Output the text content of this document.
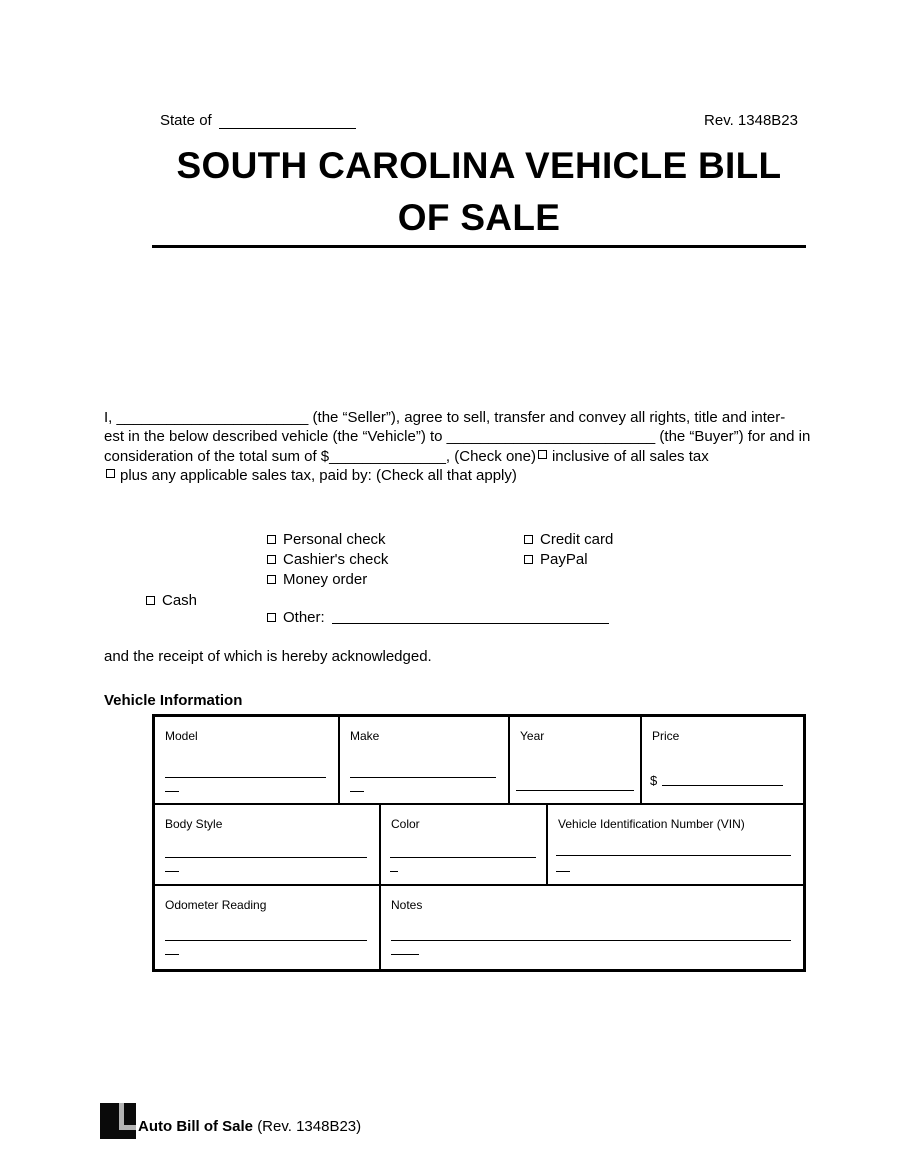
State of	Rev. 1348B23
SOUTH CAROLINA VEHICLE BILL
OF SALE
I, _______________________ (the “Seller”), agree to sell, transfer and convey all rights, title and inter-
est in the below described vehicle (the “Vehicle”) to _________________________ (the “Buyer”) for and in
consideration of the total sum of $______________, (Check one) inclusive of all sales tax
plus any applicable sales tax, paid by: (Check all that apply)
Cash
Personal check
Cashier's check
Money order
Other:
Credit card
PayPal
and the receipt of which is hereby acknowledged.
Vehicle Information
Model	Make	Year	Price
$
Body Style	Color	Vehicle Identification Number (VIN)
Odometer Reading	Notes
Auto Bill of Sale (Rev. 1348B23)
